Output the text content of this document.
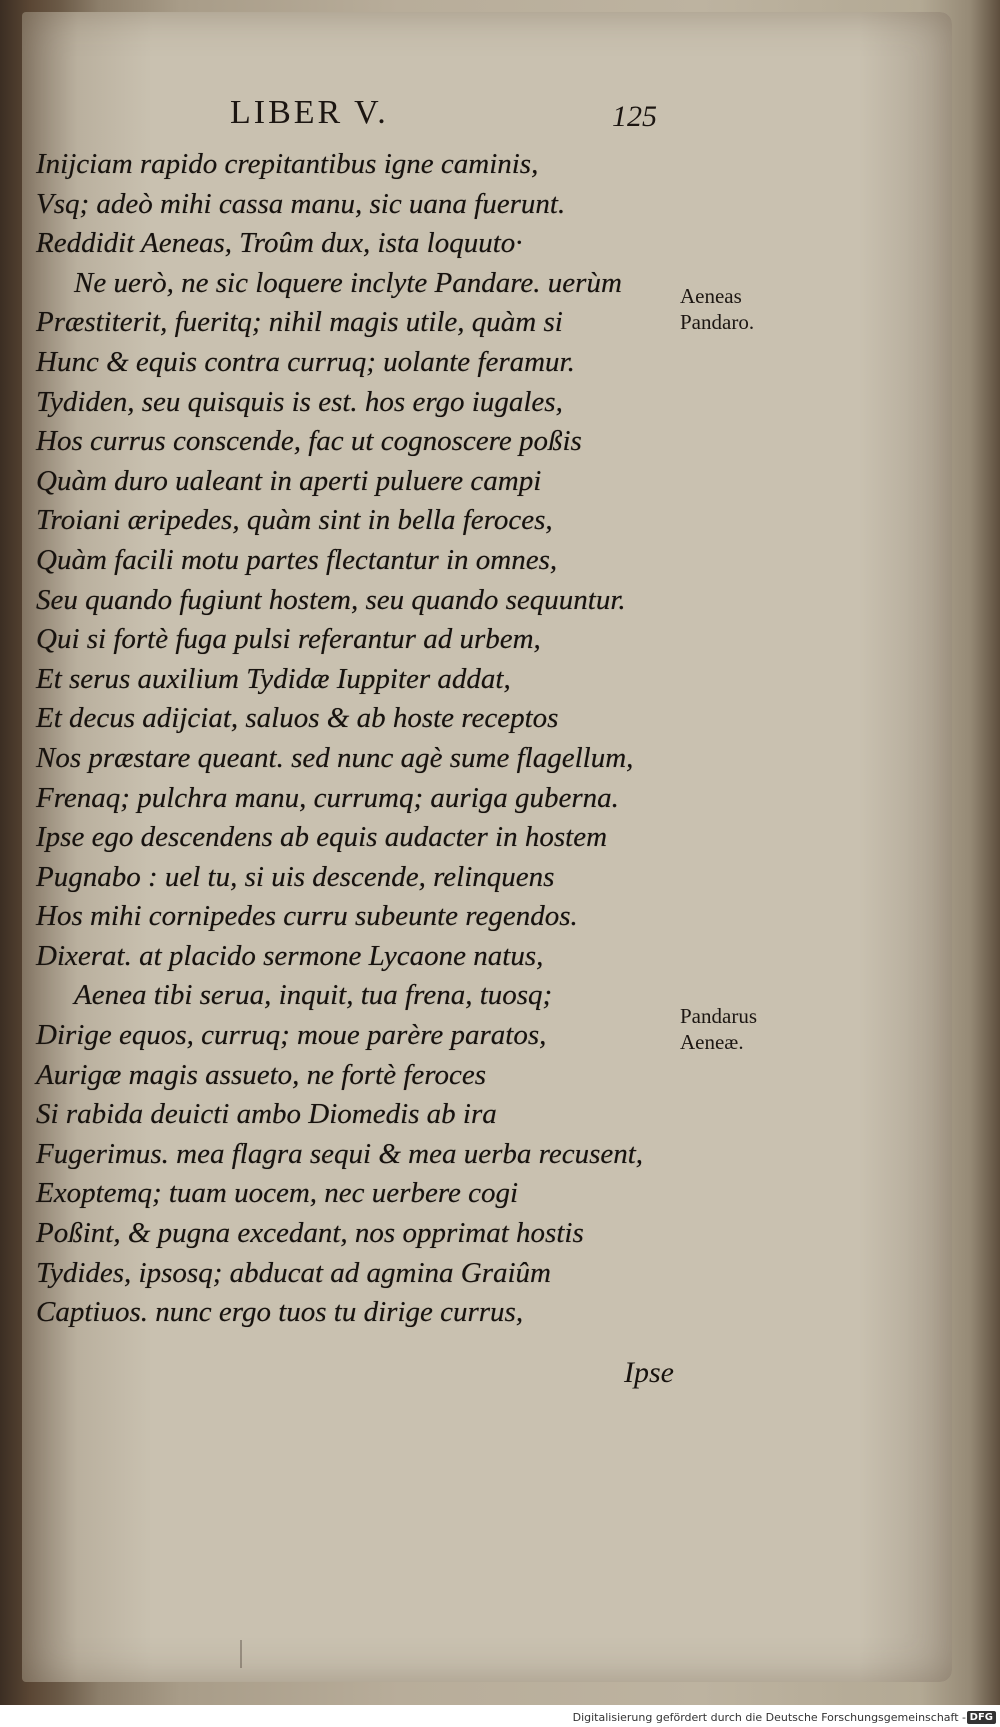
LIBER V.	125
Inijciam rapido crepitantibus igne caminis,
Vsq; adeò mihi cassa manu, sic uana fuerunt.
Reddidit Aeneas, Troûm dux, ista loquuto·
Ne uerò, ne sic loquere inclyte Pandare. uerùm
Præstiterit, fueritq; nihil magis utile, quàm si
Hunc & equis contra curruq; uolante feramur.
Tydiden, seu quisquis is est. hos ergo iugales,
Hos currus conscende, fac ut cognoscere poßis
Quàm duro ualeant in aperti puluere campi
Troiani æripedes, quàm sint in bella feroces,
Quàm facili motu partes flectantur in omnes,
Seu quando fugiunt hostem, seu quando sequuntur.
Qui si fortè fuga pulsi referantur ad urbem,
Et serus auxilium Tydidæ Iuppiter addat,
Et decus adijciat, saluos & ab hoste receptos
Nos præstare queant. sed nunc agè sume flagellum,
Frenaq; pulchra manu, currumq; auriga guberna.
Ipse ego descendens ab equis audacter in hostem
Pugnabo : uel tu, si uis descende, relinquens
Hos mihi cornipedes curru subeunte regendos.
Dixerat. at placido sermone Lycaone natus,
Aenea tibi serua, inquit, tua frena, tuosq;
Dirige equos, curruq; moue parère paratos,
Aurigæ magis assueto, ne fortè feroces
Si rabida deuicti ambo Diomedis ab ira
Fugerimus. mea flagra sequi & mea uerba recusent,
Exoptemq; tuam uocem, nec uerbere cogi
Poßint, & pugna excedant, nos opprimat hostis
Tydides, ipsosq; abducat ad agmina Graiûm
Captiuos. nunc ergo tuos tu dirige currus,
Aeneas
Pandaro.
Pandarus
Aeneæ.
Ipse
Digitalisierung gefördert durch die Deutsche Forschungsgemeinschaft - DFG
